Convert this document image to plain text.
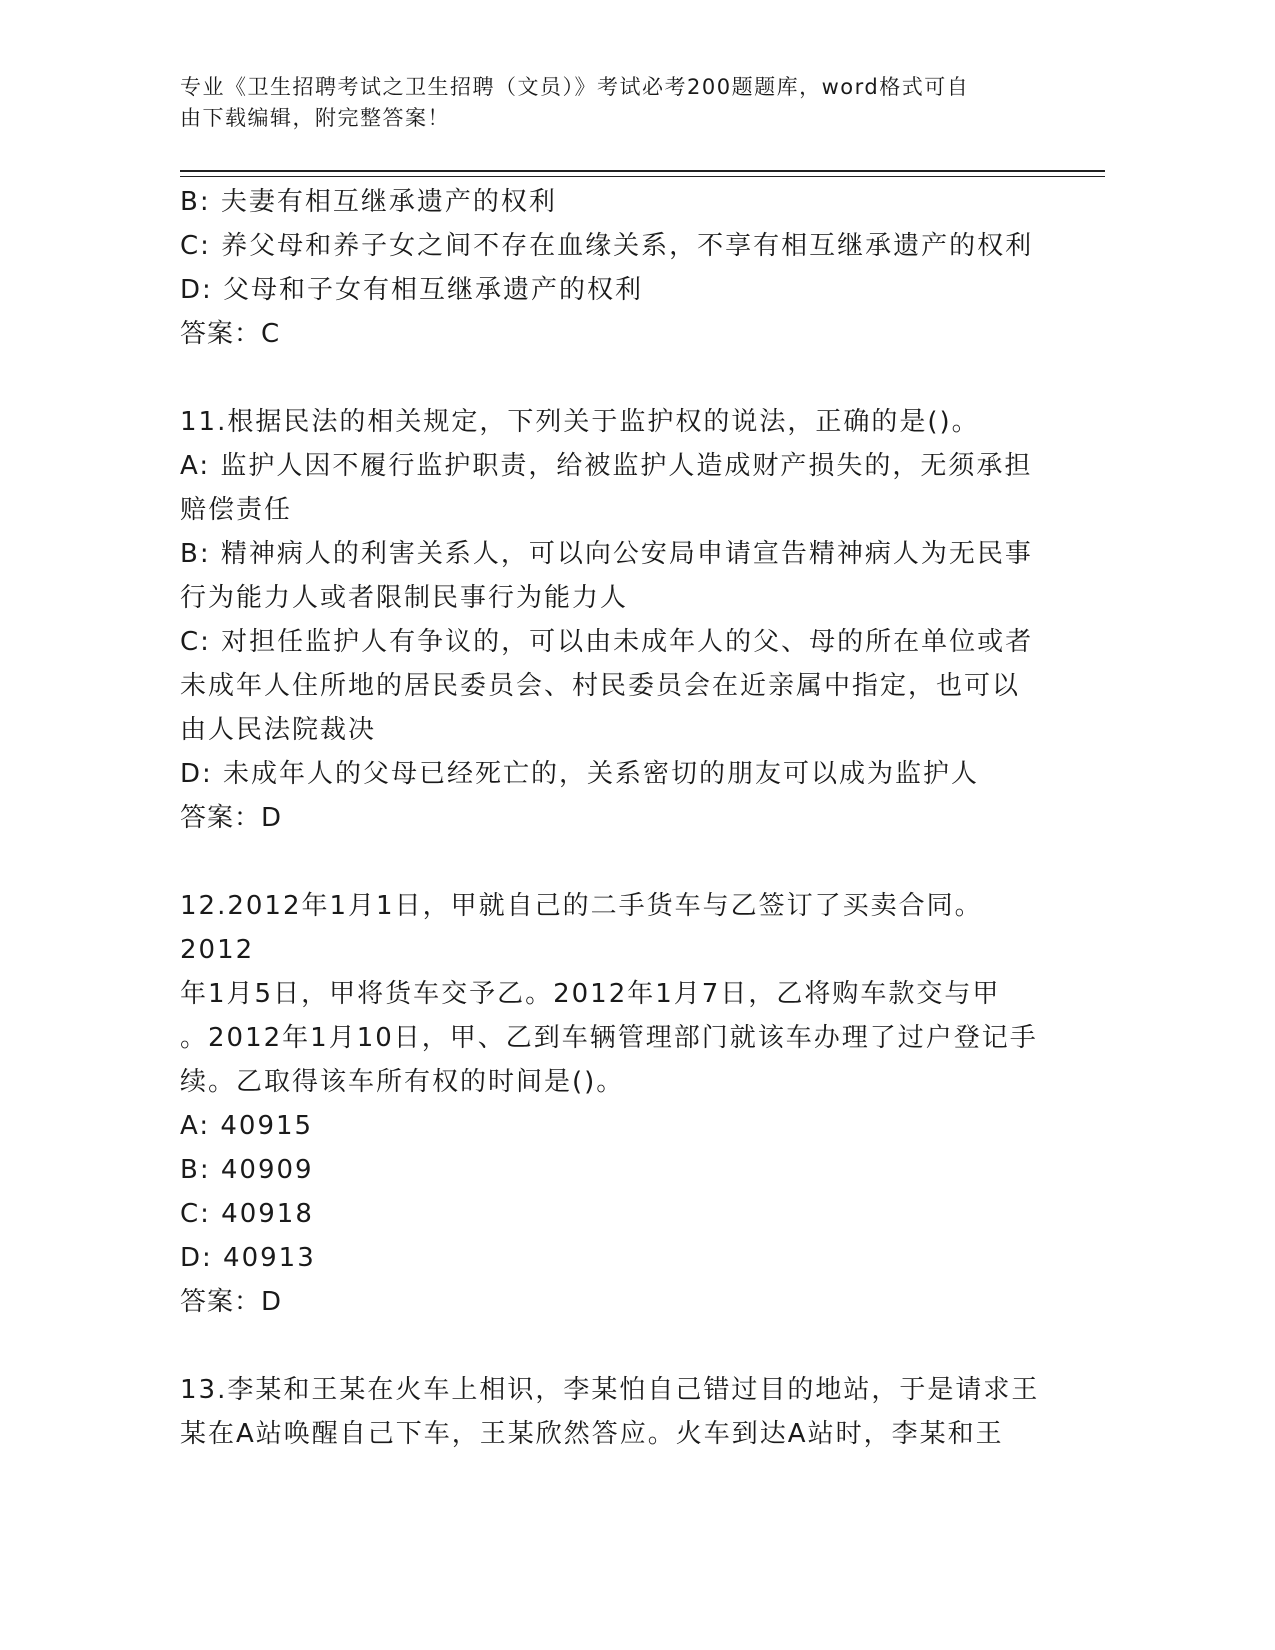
专业《卫生招聘考试之卫生招聘（文员）》考试必考200题题库，word格式可自
由下载编辑，附完整答案！

B: 夫妻有相互继承遗产的权利

C: 养父母和养子女之间不存在血缘关系，不享有相互继承遗产的权利

D: 父母和子女有相互继承遗产的权利

答案：C

11.根据民法的相关规定，下列关于监护权的说法，正确的是()。

A: 监护人因不履行监护职责，给被监护人造成财产损失的，无须承担

赔偿责任

B: 精神病人的利害关系人，可以向公安局申请宣告精神病人为无民事

行为能力人或者限制民事行为能力人

C: 对担任监护人有争议的，可以由未成年人的父、母的所在单位或者

未成年人住所地的居民委员会、村民委员会在近亲属中指定，也可以

由人民法院裁决

D: 未成年人的父母已经死亡的，关系密切的朋友可以成为监护人

答案：D

12.2012年1月1日，甲就自己的二手货车与乙签订了买卖合同。2012

年1月5日，甲将货车交予乙。2012年1月7日，乙将购车款交与甲

。2012年1月10日，甲、乙到车辆管理部门就该车办理了过户登记手

续。乙取得该车所有权的时间是()。

A: 40915

B: 40909

C: 40918

D: 40913

答案：D

13.李某和王某在火车上相识，李某怕自己错过目的地站，于是请求王

某在A站唤醒自己下车，王某欣然答应。火车到达A站时，李某和王
